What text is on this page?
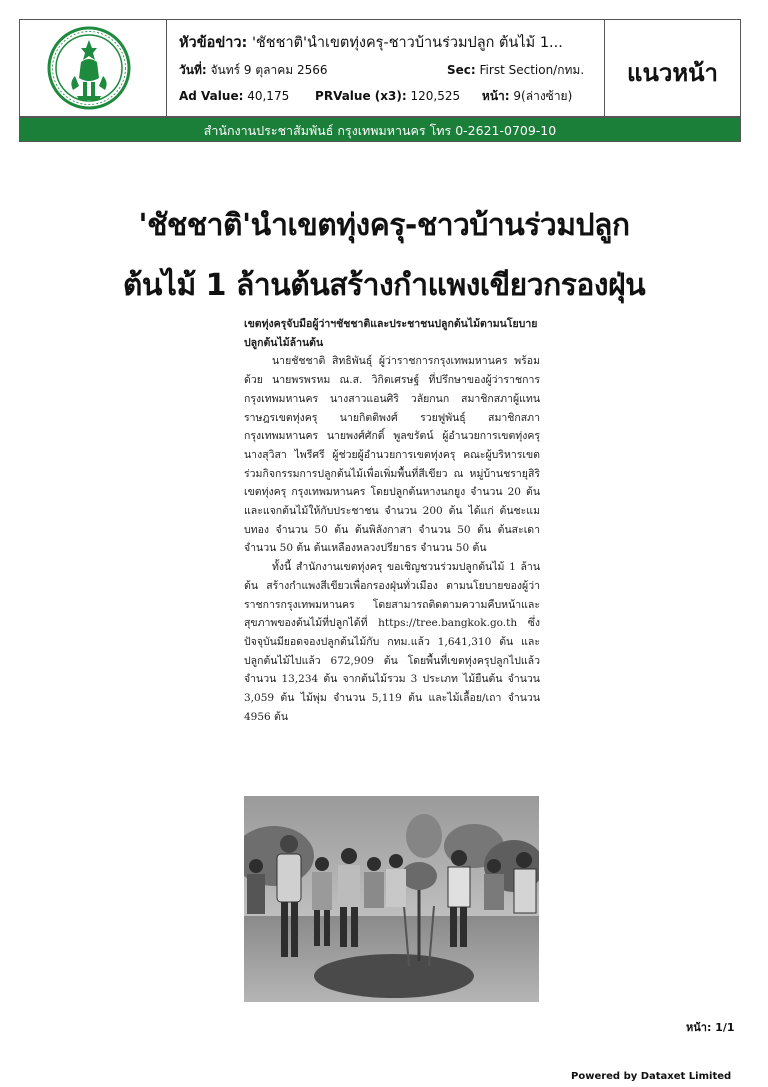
หัวข้อข่าว: 'ชัชชาติ'นำเขตทุ่งครุ-ชาวบ้านร่วมปลูก ต้นไม้ 1...
วันที่: จันทร์ 9 ตุลาคม 2566	Sec: First Section/กทม.
Ad Value: 40,175 PRValue (x3): 120,525 หน้า: 9(ล่างซ้าย)
แนวหน้า
สำนักงานประชาสัมพันธ์ กรุงเทพมหานคร โทร 0-2621-0709-10
'ชัชชาติ'นำเขตทุ่งครุ-ชาวบ้านร่วมปลูก
ต้นไม้ 1 ล้านต้นสร้างกำแพงเขียวกรองฝุ่น

เขตทุ่งครุจับมือผู้ว่าฯชัชชาติและประชาชนปลูกต้นไม้ตามนโยบายปลูกต้นไม้ล้านต้น

นายชัชชาติ สิทธิพันธุ์ ผู้ว่าราชการกรุงเทพมหานคร พร้อมด้วย นายพรพรหม ณ.ส. วิกิตเศรษฐ์ ที่ปรึกษาของผู้ว่าราชการกรุงเทพมหานคร นางสาวแอนศิริ วลัยกนก สมาชิกสภาผู้แทนราษฎรเขตทุ่งครุ นายกิตติพงศ์ รวยฟูพันธุ์ สมาชิกสภากรุงเทพมหานคร นายพงศ์ศักดิ์ พูลขรัตน์ ผู้อำนวยการเขตทุ่งครุ นางสุวิสา ไพรีศรี ผู้ช่วยผู้อำนวยการเขตทุ่งครุ คณะผู้บริหารเขต ร่วมกิจกรรมการปลูกต้นไม้เพื่อเพิ่มพื้นที่สีเขียว ณ หมู่บ้านชรายุสิริ เขตทุ่งครุ กรุงเทพมหานคร โดยปลูกต้นหางนกยูง จำนวน 20 ต้น และแจกต้นไม้ให้กับประชาชน จำนวน 200 ต้น ได้แก่ ต้นชะแมบทอง จำนวน 50 ต้น ต้นพิลังกาสา จำนวน 50 ต้น ต้นสะเดา จำนวน 50 ต้น ต้นเหลืองหลวงปรียาธร จำนวน 50 ต้น

ทั้งนี้ สำนักงานเขตทุ่งครุ ขอเชิญชวนร่วมปลูกต้นไม้ 1 ล้านต้น สร้างกำแพงสีเขียวเพื่อกรองฝุ่นทั่วเมือง ตามนโยบายของผู้ว่าราชการกรุงเทพมหานคร โดยสามารถติดตามความคืบหน้าและสุขภาพของต้นไม้ที่ปลูกได้ที่ https://tree.bangkok.go.th ซึ่งปัจจุบันมียอดจองปลูกต้นไม้กับ กทม.แล้ว 1,641,310 ต้น และปลูกต้นไม้ไปแล้ว 672,909 ต้น โดยพื้นที่เขตทุ่งครุปลูกไปแล้ว จำนวน 13,234 ต้น จากต้นไม้รวม 3 ประเภท ไม้ยืนต้น จำนวน 3,059 ต้น ไม้พุ่ม จำนวน 5,119 ต้น และไม้เลื้อย/เถา จำนวน 4956 ต้น

หน้า: 1/1
Powered by Dataxet Limited
